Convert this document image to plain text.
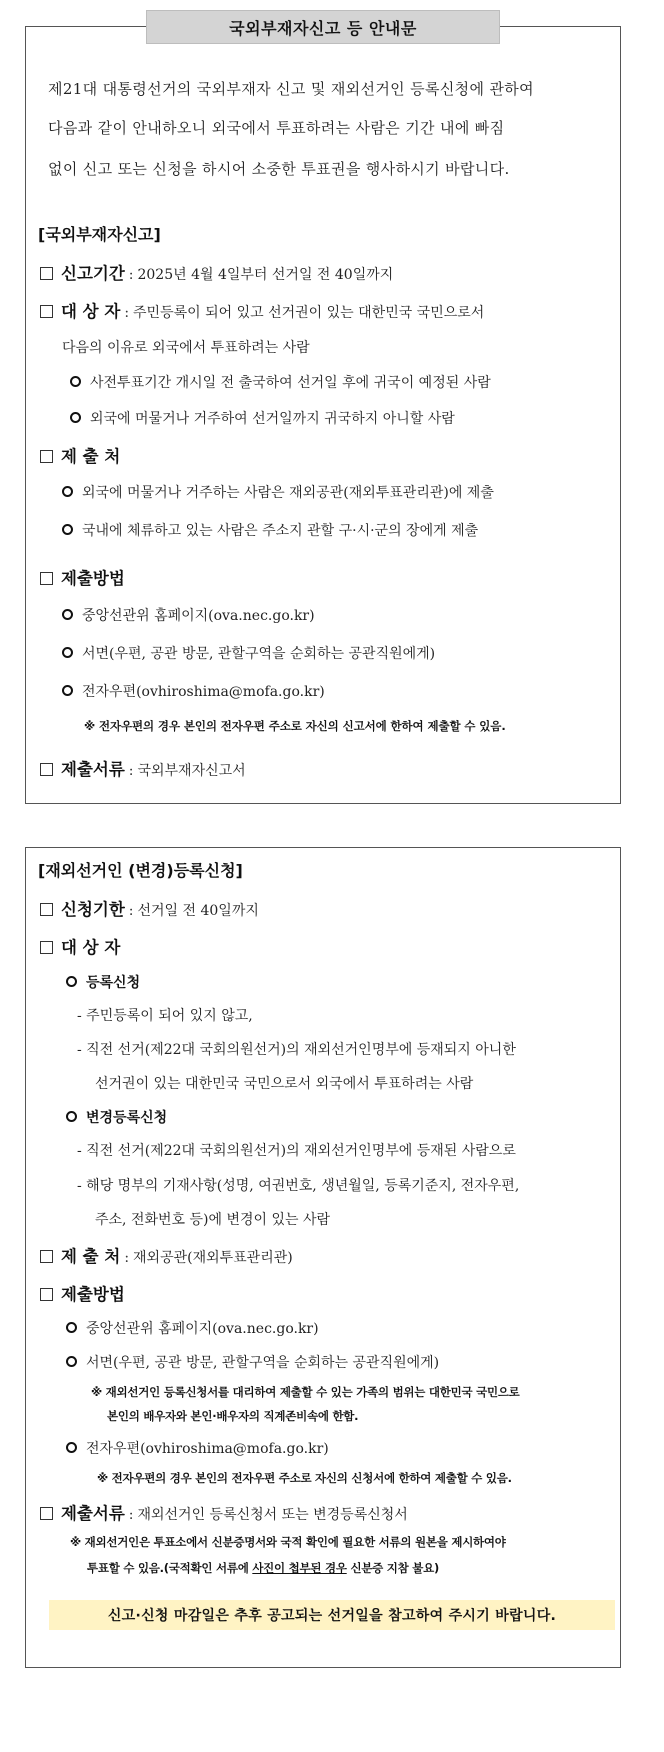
국외부재자신고 등 안내문
제21대 대통령선거의 국외부재자 신고 및 재외선거인 등록신청에 관하여
다음과 같이 안내하오니 외국에서 투표하려는 사람은 기간 내에 빠짐
없이 신고 또는 신청을 하시어 소중한 투표권을 행사하시기 바랍니다.
[국외부재자신고]
신고기간 : 2025년 4월 4일부터 선거일 전 40일까지
대 상 자 : 주민등록이 되어 있고 선거권이 있는 대한민국 국민으로서
다음의 이유로 외국에서 투표하려는 사람
사전투표기간 개시일 전 출국하여 선거일 후에 귀국이 예정된 사람
외국에 머물거나 거주하여 선거일까지 귀국하지 아니할 사람
제 출 처
외국에 머물거나 거주하는 사람은 재외공관(재외투표관리관)에 제출
국내에 체류하고 있는 사람은 주소지 관할 구·시·군의 장에게 제출
제출방법
중앙선관위 홈페이지(ova.nec.go.kr)
서면(우편, 공관 방문, 관할구역을 순회하는 공관직원에게)
전자우편(ovhiroshima@mofa.go.kr)
※ 전자우편의 경우 본인의 전자우편 주소로 자신의 신고서에 한하여 제출할 수 있음.
제출서류 : 국외부재자신고서
[재외선거인 (변경)등록신청]
신청기한 : 선거일 전 40일까지
대 상 자
등록신청
- 주민등록이 되어 있지 않고,
- 직전 선거(제22대 국회의원선거)의 재외선거인명부에 등재되지 아니한
선거권이 있는 대한민국 국민으로서 외국에서 투표하려는 사람
변경등록신청
- 직전 선거(제22대 국회의원선거)의 재외선거인명부에 등재된 사람으로
- 해당 명부의 기재사항(성명, 여권번호, 생년월일, 등록기준지, 전자우편,
주소, 전화번호 등)에 변경이 있는 사람
제 출 처 : 재외공관(재외투표관리관)
제출방법
중앙선관위 홈페이지(ova.nec.go.kr)
서면(우편, 공관 방문, 관할구역을 순회하는 공관직원에게)
※ 재외선거인 등록신청서를 대리하여 제출할 수 있는 가족의 범위는 대한민국 국민으로
본인의 배우자와 본인·배우자의 직계존비속에 한함.
전자우편(ovhiroshima@mofa.go.kr)
※ 전자우편의 경우 본인의 전자우편 주소로 자신의 신청서에 한하여 제출할 수 있음.
제출서류 : 재외선거인 등록신청서 또는 변경등록신청서
※ 재외선거인은 투표소에서 신분증명서와 국적 확인에 필요한 서류의 원본을 제시하여야
투표할 수 있음.(국적확인 서류에 사진이 첩부된 경우 신분증 지참 불요)
신고·신청 마감일은 추후 공고되는 선거일을 참고하여 주시기 바랍니다.
